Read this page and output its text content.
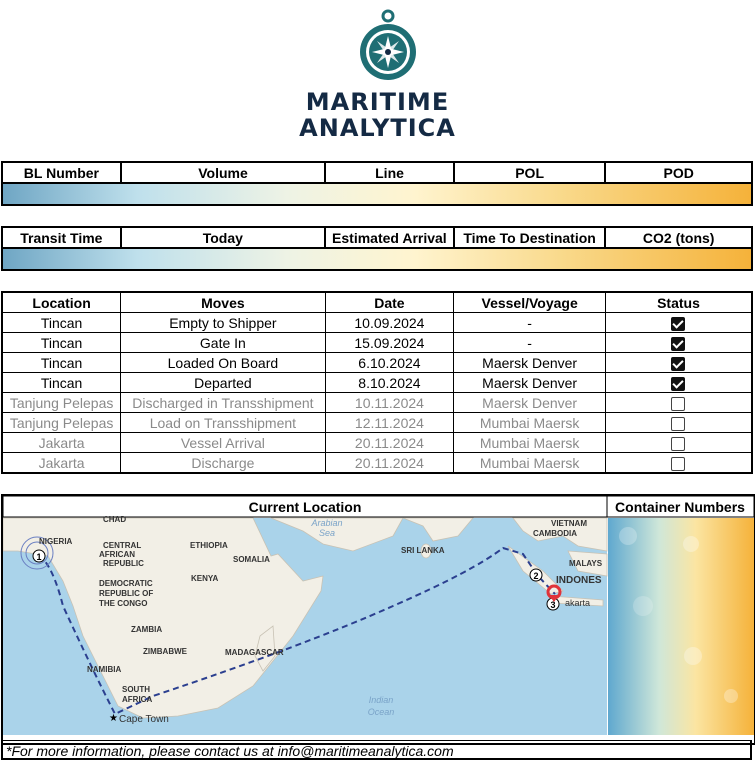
MARITIME
ANALYTICA
BL Number	Volume	Line	POL	POD

Transit Time	Today	Estimated Arrival	Time To Destination	CO2 (tons)

Location	Moves	Date	Vessel/Voyage	Status
Tincan	Empty to Shipper	10.09.2024	-	
Tincan	Gate In	15.09.2024	-	
Tincan	Loaded On Board	6.10.2024	Maersk Denver	
Tincan	Departed	8.10.2024	Maersk Denver	
Tanjung Pelepas	Discharged in Transshipment	10.11.2024	Maersk Denver	
Tanjung Pelepas	Load on Transshipment	12.11.2024	Mumbai Maersk	
Jakarta	Vessel Arrival	20.11.2024	Mumbai Maersk	
Jakarta	Discharge	20.11.2024	Mumbai Maersk	
Current Location	Container Numbers
1
2
3
★ Cape Town
CHAD
NIGERIA	CENTRAL
AFRICAN
REPUBLIC
ETHIOPIA
SOMALIA
KENYA
DEMOCRATIC
REPUBLIC OF
THE CONGO
ZAMBIA
ZIMBABWE	MADAGASCAR
NAMIBIA
SOUTH
AFRICA
SRI LANKA
VIETNAM
CAMBODIA
MALAYS
INDONES
akarta
Arabian
Sea
Indian
Ocean
*For more information, please contact us at info@maritimeanalytica.com
